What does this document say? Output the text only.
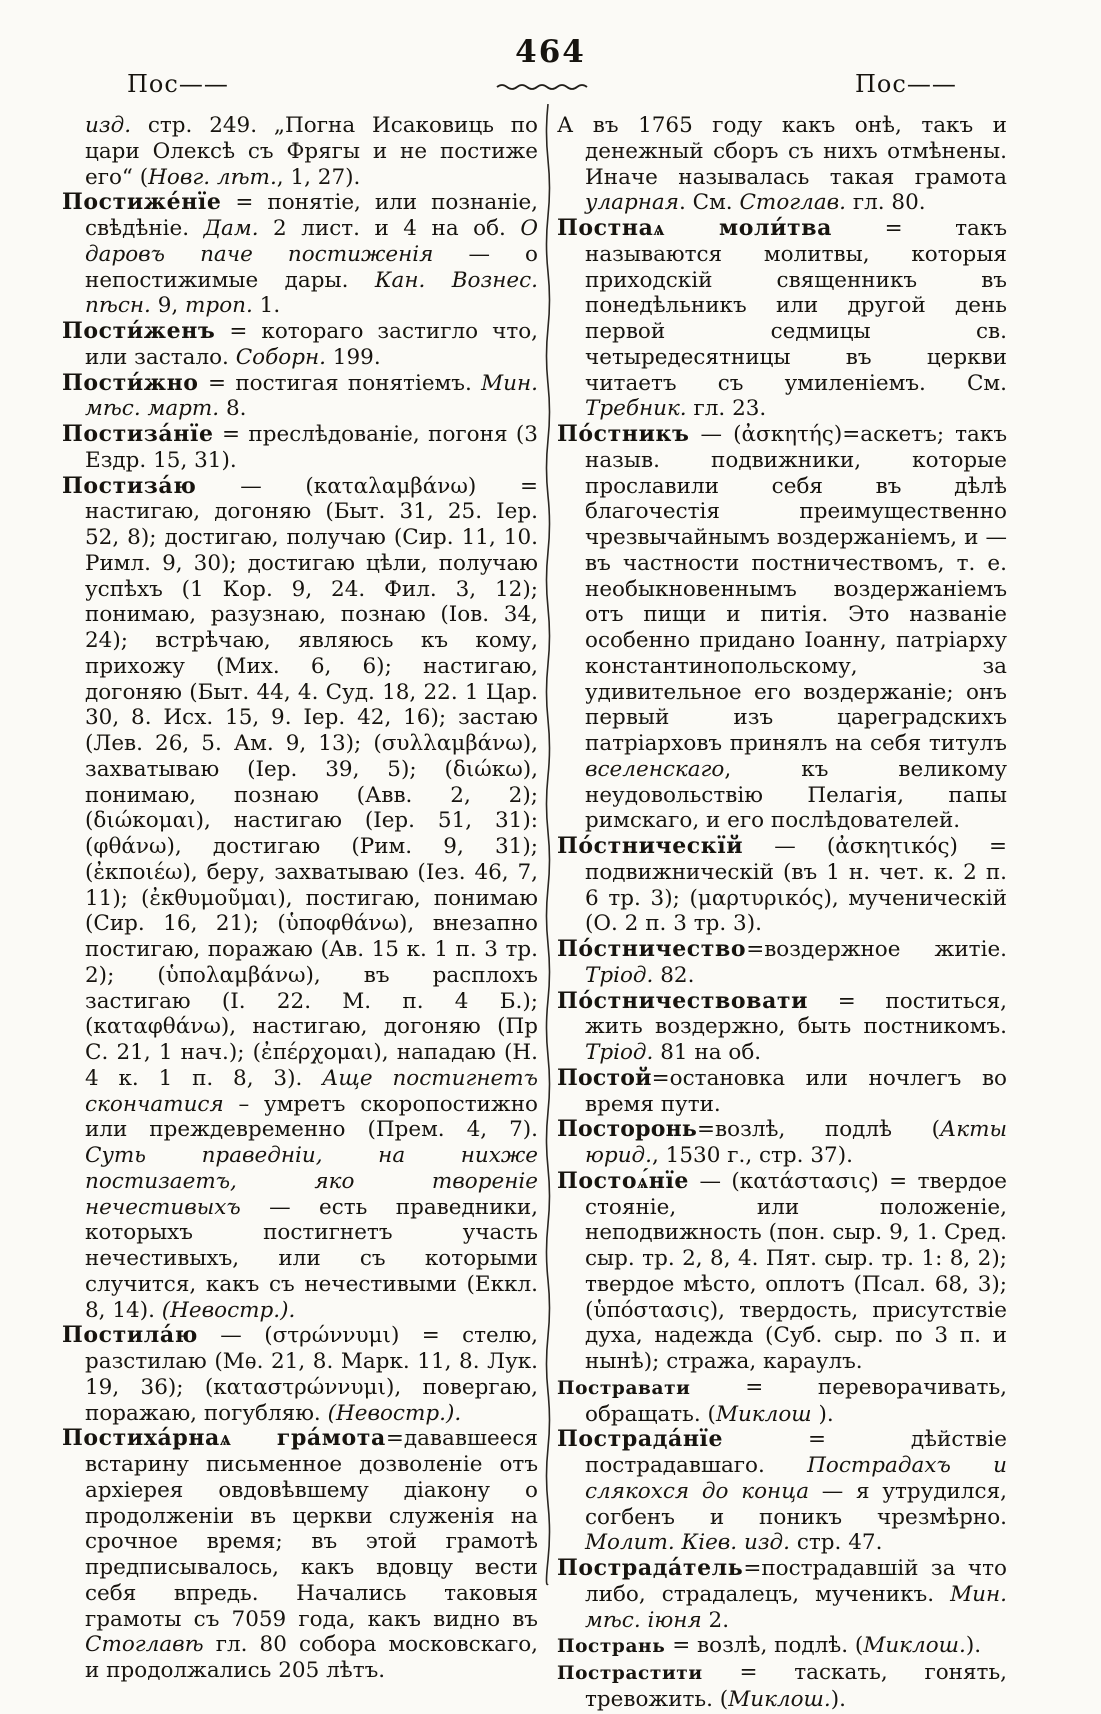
464
Пос——	Пос——
изд. стр. 249. „Погна Исаковиць по цари Олексѣ съ Фрягы и не постиже его“ (Новг. лѣт., 1, 27).
Постиже́нїе = понятіе, или познаніе, свѣдѣніе. Дам. 2 лист. и 4 на об. О даровъ паче постиженія — о непостижимые дары. Кан. Вознес. пѣсн. 9, троп. 1.
Пости́женъ = котораго застигло что, или застало. Соборн. 199.
Пости́жно = постигая понятіемъ. Мин. мѣс. март. 8.
Постиза́нїе = преслѣдованіе, погоня (3 Ездр. 15, 31).
Постиза́ю — (καταλαμβάνω) = настигаю, догоняю (Быт. 31, 25. Іер. 52, 8); достигаю, получаю (Сир. 11, 10. Римл. 9, 30); достигаю цѣли, получаю успѣхъ (1 Кор. 9, 24. Фил. 3, 12); понимаю, разузнаю, познаю (Іов. 34, 24); встрѣчаю, являюсь къ кому, прихожу (Мих. 6, 6); настигаю, догоняю (Быт. 44, 4. Суд. 18, 22. 1 Цар. 30, 8. Исх. 15, 9. Іер. 42, 16); застаю (Лев. 26, 5. Ам. 9, 13); (συλλαμβάνω), захватываю (Іер. 39, 5); (διώκω), понимаю, познаю (Авв. 2, 2); (διώκομαι), настигаю (Іер. 51, 31): (φθάνω), достигаю (Рим. 9, 31); (ἐκποιέω), беру, захватываю (Іез. 46, 7, 11); (ἐκθυμοῦμαι), постигаю, понимаю (Сир. 16, 21); (ὑποφθάνω), внезапно постигаю, поражаю (Ав. 15 к. 1 п. 3 тр. 2); (ὑπολαμβάνω), въ расплохъ застигаю (І. 22. М. п. 4 Б.); (καταφθάνω), настигаю, догоняю (Пр С. 21, 1 нач.); (ἐπέρχομαι), нападаю (Н. 4 к. 1 п. 8, 3). Аще постигнетъ скончатися – умретъ скоропостижно или преждевременно (Прем. 4, 7). Суть праведніи, на нихже постизаетъ, яко твореніе нечестивыхъ — есть праведники, которыхъ постигнетъ участь нечестивыхъ, или съ которыми случится, какъ съ нечестивыми (Еккл. 8, 14). (Невостр.).
Постила́ю — (στρώννυμι) = стелю, разстилаю (Мѳ. 21, 8. Марк. 11, 8. Лук. 19, 36); (καταστρώννυμι), повергаю, поражаю, погубляю. (Невостр.).
Постиха́рнаѧ гра́мота=дававшееся встарину письменное дозволеніе отъ архіерея овдовѣвшему діакону о продолженіи въ церкви служенія на срочное время; въ этой грамотѣ предписывалось, какъ вдовцу вести себя впредь. Начались таковыя грамоты съ 7059 года, какъ видно въ Стоглавѣ гл. 80 собора московскаго, и продолжались 205 лѣтъ.
А въ 1765 году какъ онѣ, такъ и денежный сборъ съ нихъ отмѣнены. Иначе называлась такая грамота уларная. См. Стоглав. гл. 80.
Постнаѧ моли́тва = такъ называются молитвы, которыя приходскій священникъ въ понедѣльникъ или другой день первой седмицы св. четыредесятницы въ церкви читаетъ съ умиленіемъ. См. Требник. гл. 23.
По́стникъ — (ἀσκητής)=аскетъ; такъ назыв. подвижники, которые прославили себя въ дѣлѣ благочестія преимущественно чрезвычайнымъ воздержаніемъ, и — въ частности постничествомъ, т. е. необыкновеннымъ воздержаніемъ отъ пищи и питія. Это названіе особенно придано Іоанну, патріарху константинопольскому, за удивительное его воздержаніе; онъ первый изъ цареградскихъ патріарховъ принялъ на себя титулъ вселенскаго, къ великому неудовольствію Пелагія, папы римскаго, и его послѣдователей.
По́стническїй — (ἀσκητικός) = подвижническій (въ 1 н. чет. к. 2 п. 6 тр. 3); (μαρτυρικός), мученическій (О. 2 п. 3 тр. 3).
По́стничество=воздержное житіе. Тріод. 82.
По́стничествовати = поститься, жить воздержно, быть постникомъ. Тріод. 81 на об.
Постой=остановка или ночлегъ во время пути.
Посторонь=возлѣ, подлѣ (Акты юрид., 1530 г., стр. 37).
Постоѧ́нїе — (κατάστασις) = твердое стояніе, или положеніе, неподвижность (пон. сыр. 9, 1. Сред. сыр. тр. 2, 8, 4. Пят. сыр. тр. 1: 8, 2); твердое мѣсто, оплотъ (Псал. 68, 3); (ὑπόστασις), твердость, присутствіе духа, надежда (Суб. сыр. по 3 п. и нынѣ); стража, караулъ.
Постравати = переворачивать, обращать. (Миклош ).
Пострада́нїе = дѣйствіе пострадавшаго. Пострадахъ и слякохся до конца — я утрудился, согбенъ и поникъ чрезмѣрно. Молит. Кіев. изд. стр. 47.
Пострада́тель=пострадавшій за что либо, страдалецъ, мученикъ. Мин. мѣс. іюня 2.
Пострань = возлѣ, подлѣ. (Миклош.).
Пострастити = таскать, гонять, тревожить. (Миклош.).
